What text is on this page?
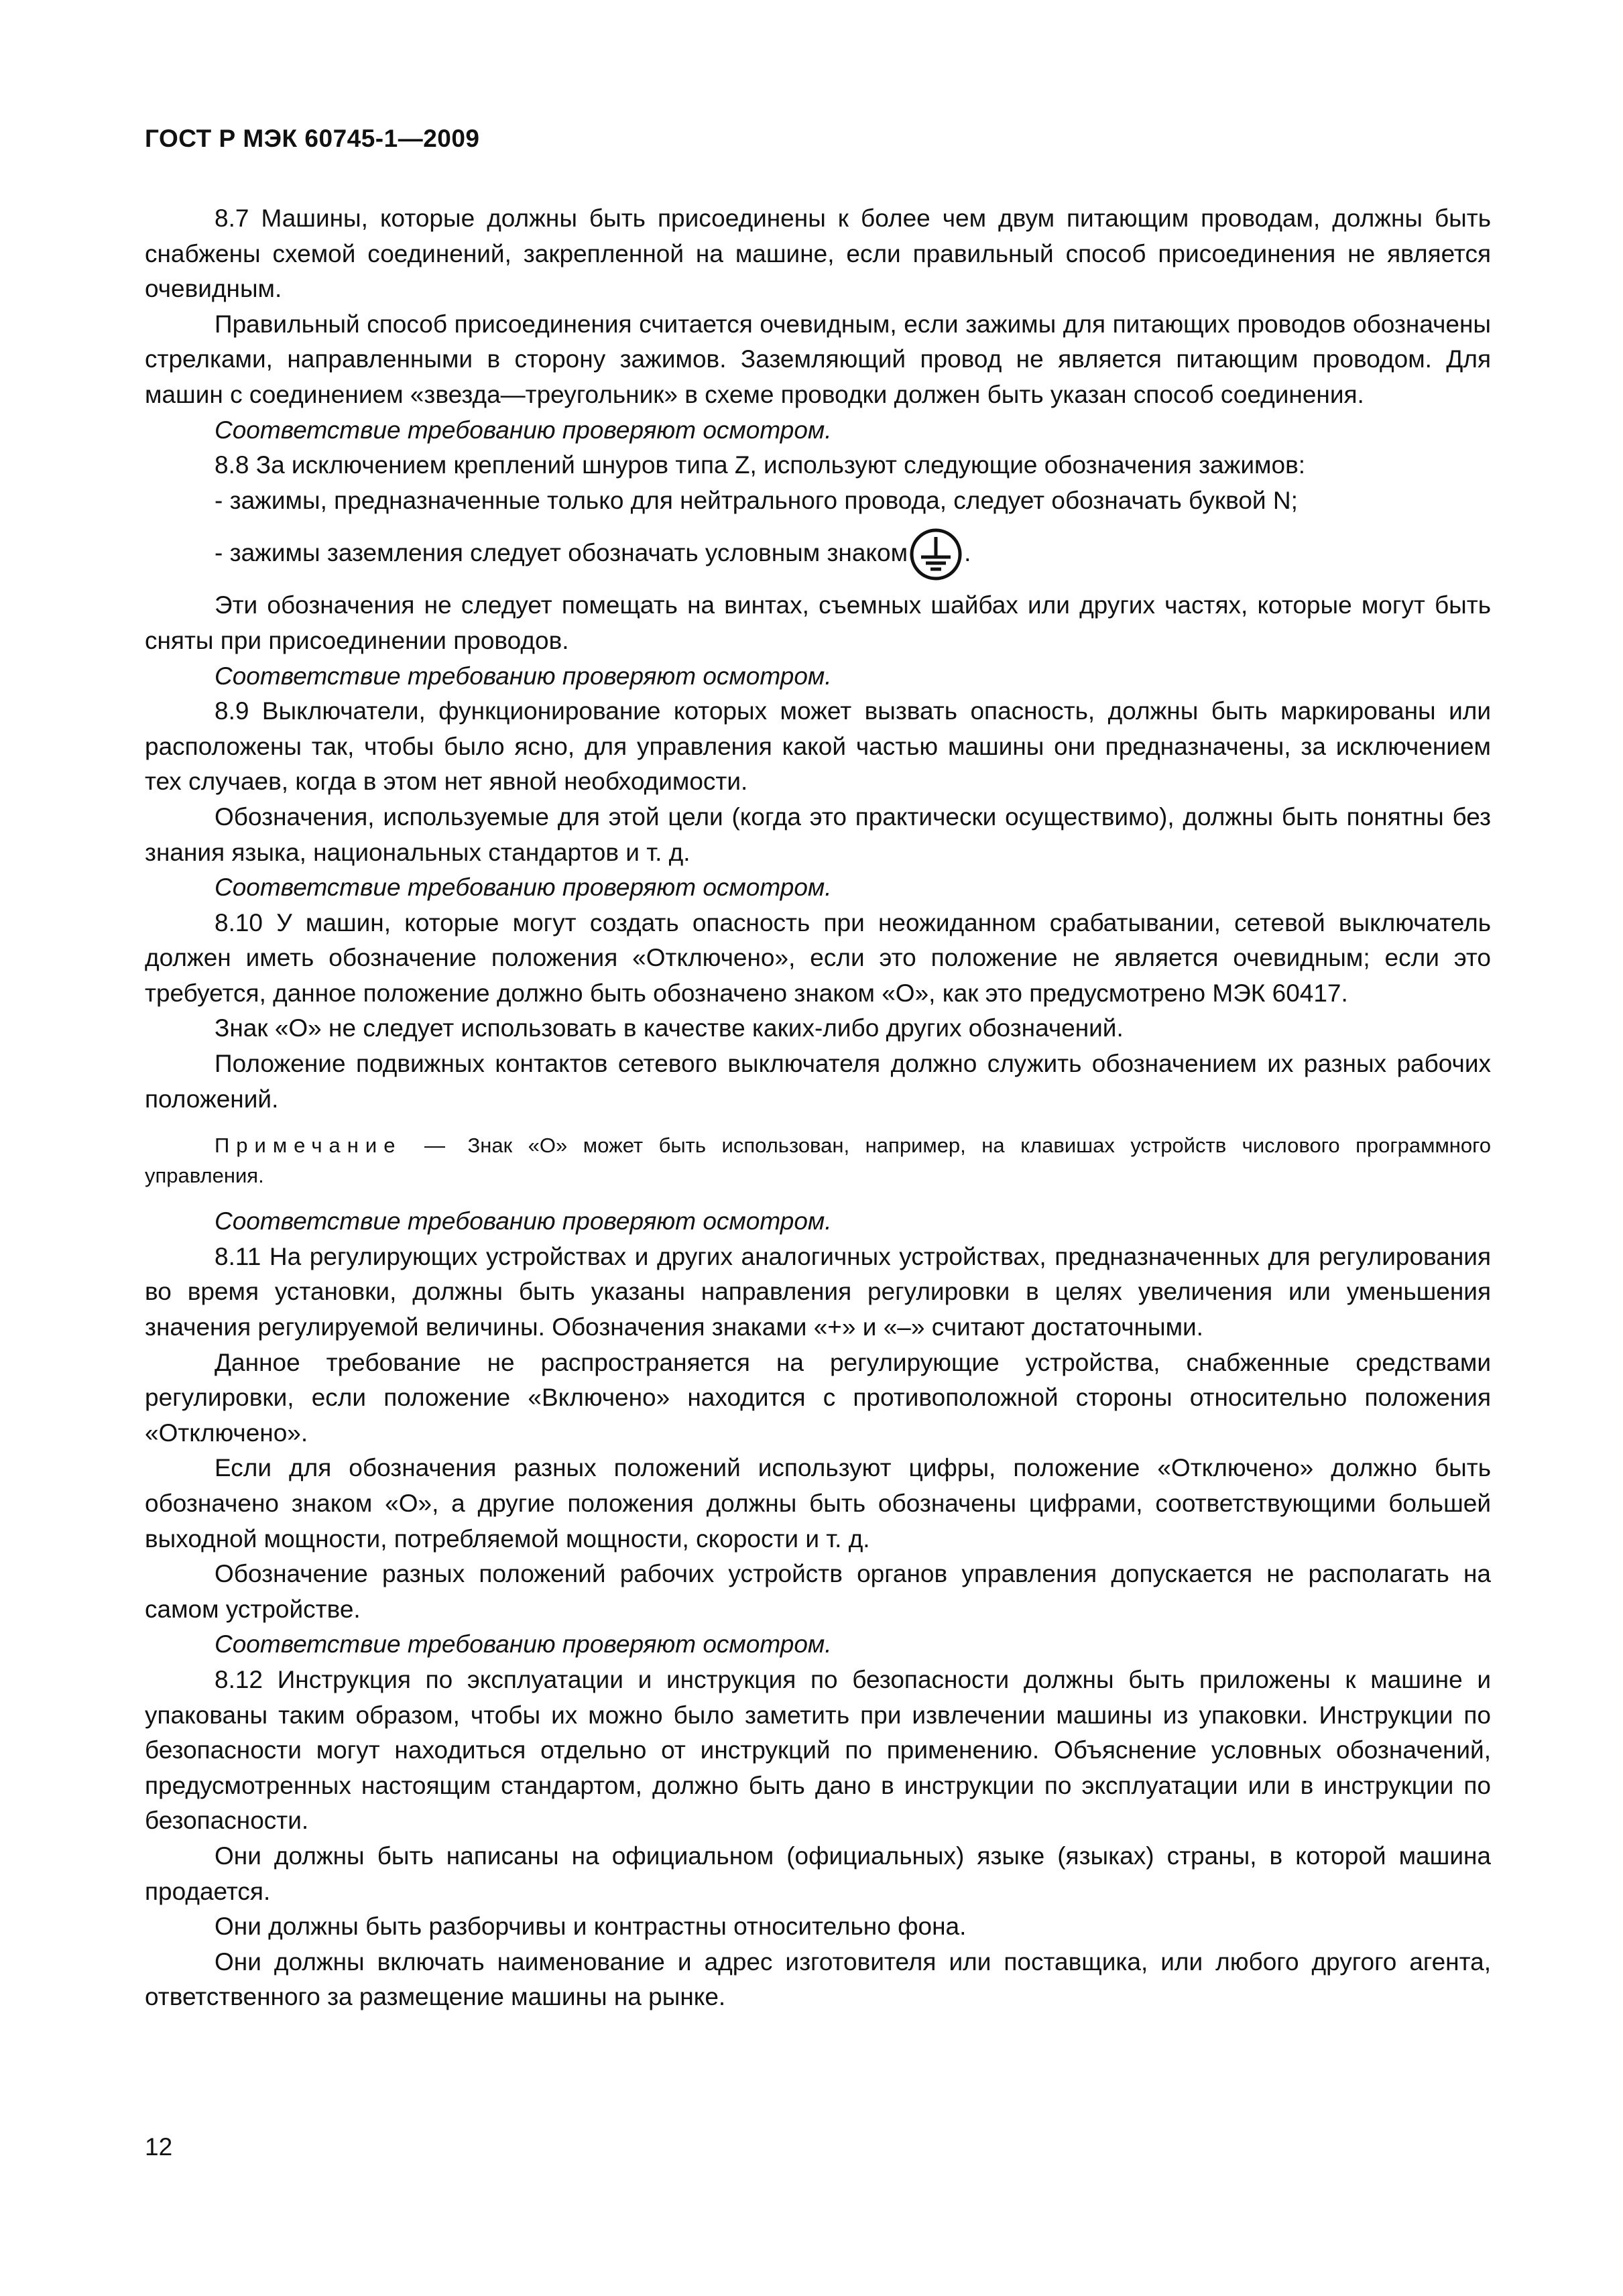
ГОСТ Р МЭК 60745-1—2009

8.7 Машины, которые должны быть присоединены к более чем двум питающим проводам, должны быть снабжены схемой соединений, закрепленной на машине, если правильный способ присоединения не является очевидным.

Правильный способ присоединения считается очевидным, если зажимы для питающих проводов обозначены стрелками, направленными в сторону зажимов. Заземляющий провод не является питающим проводом. Для машин с соединением «звезда—треугольник» в схеме проводки должен быть указан способ соединения.

Соответствие требованию проверяют осмотром.

8.8 За исключением креплений шнуров типа Z, используют следующие обозначения зажимов:

- зажимы, предназначенные только для нейтрального провода, следует обозначать буквой N;

- зажимы заземления следует обозначать условным знаком .

Эти обозначения не следует помещать на винтах, съемных шайбах или других частях, которые могут быть сняты при присоединении проводов.

Соответствие требованию проверяют осмотром.

8.9 Выключатели, функционирование которых может вызвать опасность, должны быть маркированы или расположены так, чтобы было ясно, для управления какой частью машины они предназначены, за исключением тех случаев, когда в этом нет явной необходимости.

Обозначения, используемые для этой цели (когда это практически осуществимо), должны быть понятны без знания языка, национальных стандартов и т. д.

Соответствие требованию проверяют осмотром.

8.10 У машин, которые могут создать опасность при неожиданном срабатывании, сетевой выключатель должен иметь обозначение положения «Отключено», если это положение не является очевидным; если это требуется, данное положение должно быть обозначено знаком «О», как это предусмотрено МЭК 60417.

Знак «О» не следует использовать в качестве каких-либо других обозначений.

Положение подвижных контактов сетевого выключателя должно служить обозначением их разных рабочих положений.

Примечание — Знак «О» может быть использован, например, на клавишах устройств числового программного управления.

Соответствие требованию проверяют осмотром.

8.11 На регулирующих устройствах и других аналогичных устройствах, предназначенных для регулирования во время установки, должны быть указаны направления регулировки в целях увеличения или уменьшения значения регулируемой величины. Обозначения знаками «+» и «–» считают достаточными.

Данное требование не распространяется на регулирующие устройства, снабженные средствами регулировки, если положение «Включено» находится с противоположной стороны относительно положения «Отключено».

Если для обозначения разных положений используют цифры, положение «Отключено» должно быть обозначено знаком «О», а другие положения должны быть обозначены цифрами, соответствующими большей выходной мощности, потребляемой мощности, скорости и т. д.

Обозначение разных положений рабочих устройств органов управления допускается не располагать на самом устройстве.

Соответствие требованию проверяют осмотром.

8.12 Инструкция по эксплуатации и инструкция по безопасности должны быть приложены к машине и упакованы таким образом, чтобы их можно было заметить при извлечении машины из упаковки. Инструкции по безопасности могут находиться отдельно от инструкций по применению. Объяснение условных обозначений, предусмотренных настоящим стандартом, должно быть дано в инструкции по эксплуатации или в инструкции по безопасности.

Они должны быть написаны на официальном (официальных) языке (языках) страны, в которой машина продается.

Они должны быть разборчивы и контрастны относительно фона.

Они должны включать наименование и адрес изготовителя или поставщика, или любого другого агента, ответственного за размещение машины на рынке.

12
